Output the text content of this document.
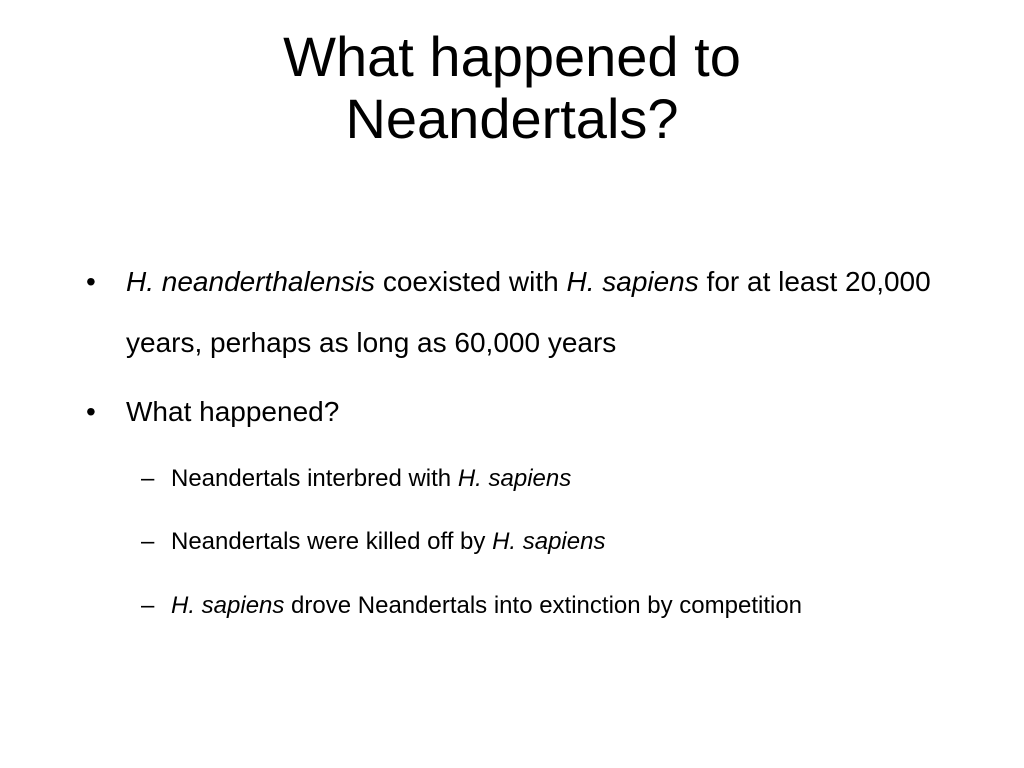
What happened to
Neandertals?
• H. neanderthalensis coexisted with H. sapiens for at least 20,000 years, perhaps as long as 60,000 years
• What happened?
– Neandertals interbred with H. sapiens
– Neandertals were killed off by H. sapiens
– H. sapiens drove Neandertals into extinction by competition
